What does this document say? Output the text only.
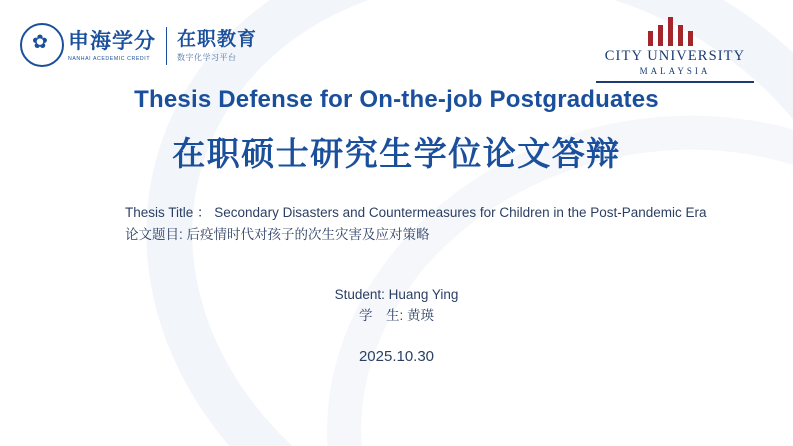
✿ 申海学分
NANHAI ACEDEMIC CREDIT
在职教育
数字化学习平台	CITY UNIVERSITY
MALAYSIA
Thesis Defense for On-the-job Postgraduates
在职硕士研究生学位论文答辩
Thesis Title ： Secondary Disasters and Countermeasures for Children in the Post-Pandemic Era
论文题目: 后疫情时代对孩子的次生灾害及应对策略
Student: Huang Ying
学　生: 黄瑛
2025.10.30
